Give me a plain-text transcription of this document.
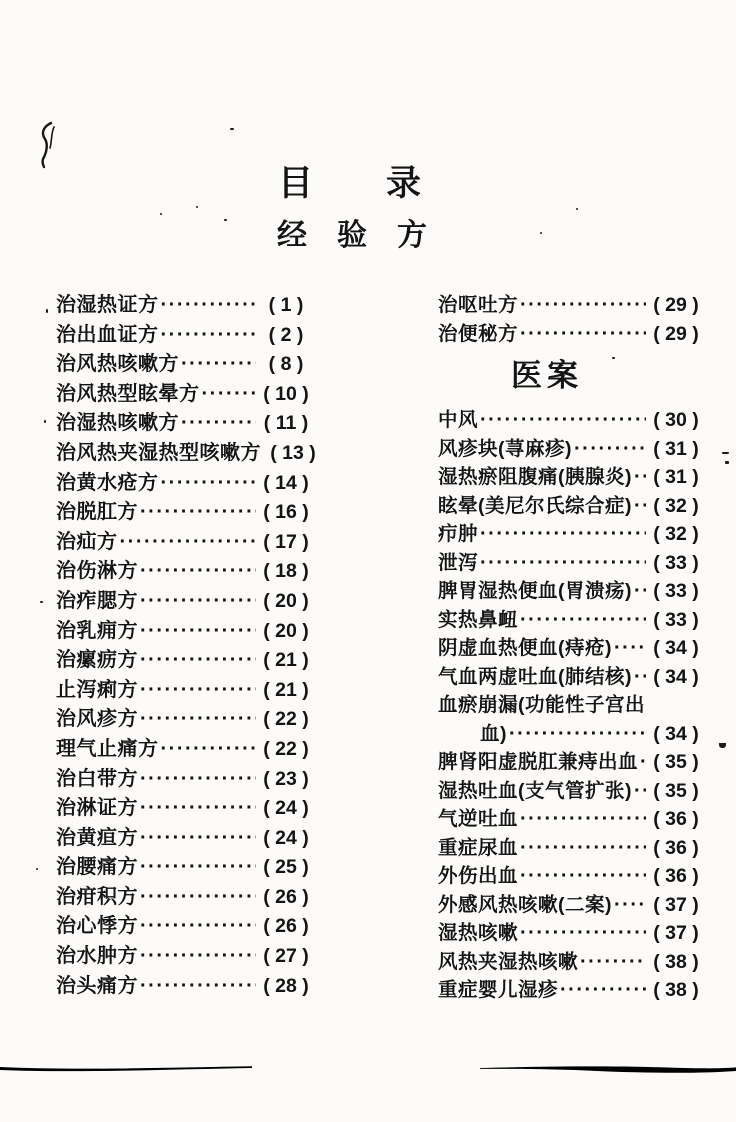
目　　录
经　验　方
治湿热证方 ·····	( 1 )
治出血证方 ·····	( 2 )
治风热咳嗽方 ·····	( 8 )
治风热型眩晕方 ·····	( 10 )
治湿热咳嗽方 ·····	( 11 )
治风热夹湿热型咳嗽方 ( 13 )
治黄水疮方 ·····	( 14 )
治脱肛方 ·····	( 16 )
治疝方 ·····	( 17 )
治伤淋方 ·····	( 18 )
治痄腮方 ·····	( 20 )
治乳痈方 ·····	( 20 )
治瘰疬方 ·····	( 21 )
止泻痢方 ·····	( 21 )
治风疹方 ·····	( 22 )
理气止痛方 ·····	( 22 )
治白带方 ·····	( 23 )
治淋证方 ·····	( 24 )
治黄疸方 ·····	( 24 )
治腰痛方 ·····	( 25 )
治疳积方 ·····	( 26 )
治心悸方 ·····	( 26 )
治水肿方 ·····	( 27 )
治头痛方 ·····	( 28 )
治呕吐方 ·····	( 29 )
治便秘方 ·····	( 29 )
医案
中风 ·····	( 30 )
风疹块(荨麻疹) ·····	( 31 )
湿热瘀阻腹痛(胰腺炎) ····· ( 31 )
眩晕(美尼尔氏综合症) ····· ( 32 )
疖肿 ·····	( 32 )
泄泻 ·····	( 33 )
脾胃湿热便血(胃溃疡) ····· ( 33 )
实热鼻衄 ·····	( 33 )
阴虚血热便血(痔疮) ····· ( 34 )
气血两虚吐血(肺结核) ····· ( 34 )
血瘀崩漏(功能性子宫出
血) ·····	( 34 )
脾肾阳虚脱肛兼痔出血 ····· ( 35 )
湿热吐血(支气管扩张) ····· ( 35 )
气逆吐血 ·····	( 36 )
重症尿血 ·····	( 36 )
外伤出血 ·····	( 36 )
外感风热咳嗽(二案) ····· ( 37 )
湿热咳嗽 ·····	( 37 )
风热夹湿热咳嗽 ·····	( 38 )
重症婴儿湿疹 ·····	( 38 )
